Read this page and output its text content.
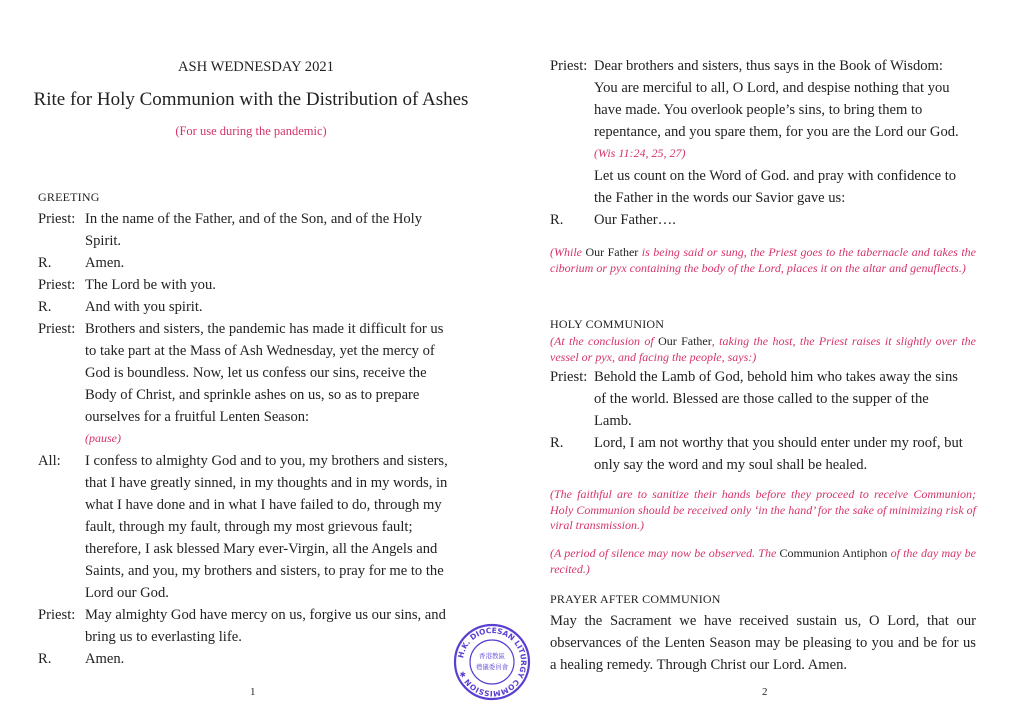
ASH WEDNESDAY 2021
Rite for Holy Communion with the Distribution of Ashes
(For use during the pandemic)
GREETING
Priest: In the name of the Father, and of the Son, and of the Holy
Spirit.
R. Amen.
Priest: The Lord be with you.
R. And with you spirit.
Priest: Brothers and sisters, the pandemic has made it difficult for us
to take part at the Mass of Ash Wednesday, yet the mercy of
God is boundless. Now, let us confess our sins, receive the
Body of Christ, and sprinkle ashes on us, so as to prepare
ourselves for a fruitful Lenten Season:
(pause)
All: I confess to almighty God and to you, my brothers and sisters,
that I have greatly sinned, in my thoughts and in my words, in
what I have done and in what I have failed to do, through my
fault, through my fault, through my most grievous fault;
therefore, I ask blessed Mary ever-Virgin, all the Angels and
Saints, and you, my brothers and sisters, to pray for me to the
Lord our God.
Priest: May almighty God have mercy on us, forgive us our sins, and
bring us to everlasting life.
R. Amen.	H.K. DIOCESAN LITURGY COMMISSION ✱
香港教區
禮儀委員會
1
Priest: Dear brothers and sisters, thus says in the Book of Wisdom:
You are merciful to all, O Lord, and despise nothing that you
have made. You overlook people’s sins, to bring them to
repentance, and you spare them, for you are the Lord our God.
(Wis 11:24, 25, 27)
Let us count on the Word of God. and pray with confidence to
the Father in the words our Savior gave us:
R. Our Father….
(While Our Father is being said or sung, the Priest goes to the tabernacle and takes the ciborium or pyx containing the body of the Lord, places it on the altar and genuflects.)
HOLY COMMUNION
(At the conclusion of Our Father, taking the host, the Priest raises it slightly over the vessel or pyx, and facing the people, says:)
Priest: Behold the Lamb of God, behold him who takes away the sins
of the world. Blessed are those called to the supper of the
Lamb.
R. Lord, I am not worthy that you should enter under my roof, but
only say the word and my soul shall be healed.
(The faithful are to sanitize their hands before they proceed to receive Communion; Holy Communion should be received only ‘in the hand’ for the sake of minimizing risk of viral transmission.)
(A period of silence may now be observed. The Communion Antiphon of the day may be recited.)
PRAYER AFTER COMMUNION
May the Sacrament we have received sustain us, O Lord, that our observances of the Lenten Season may be pleasing to you and be for us a healing remedy. Through Christ our Lord. Amen.
2
